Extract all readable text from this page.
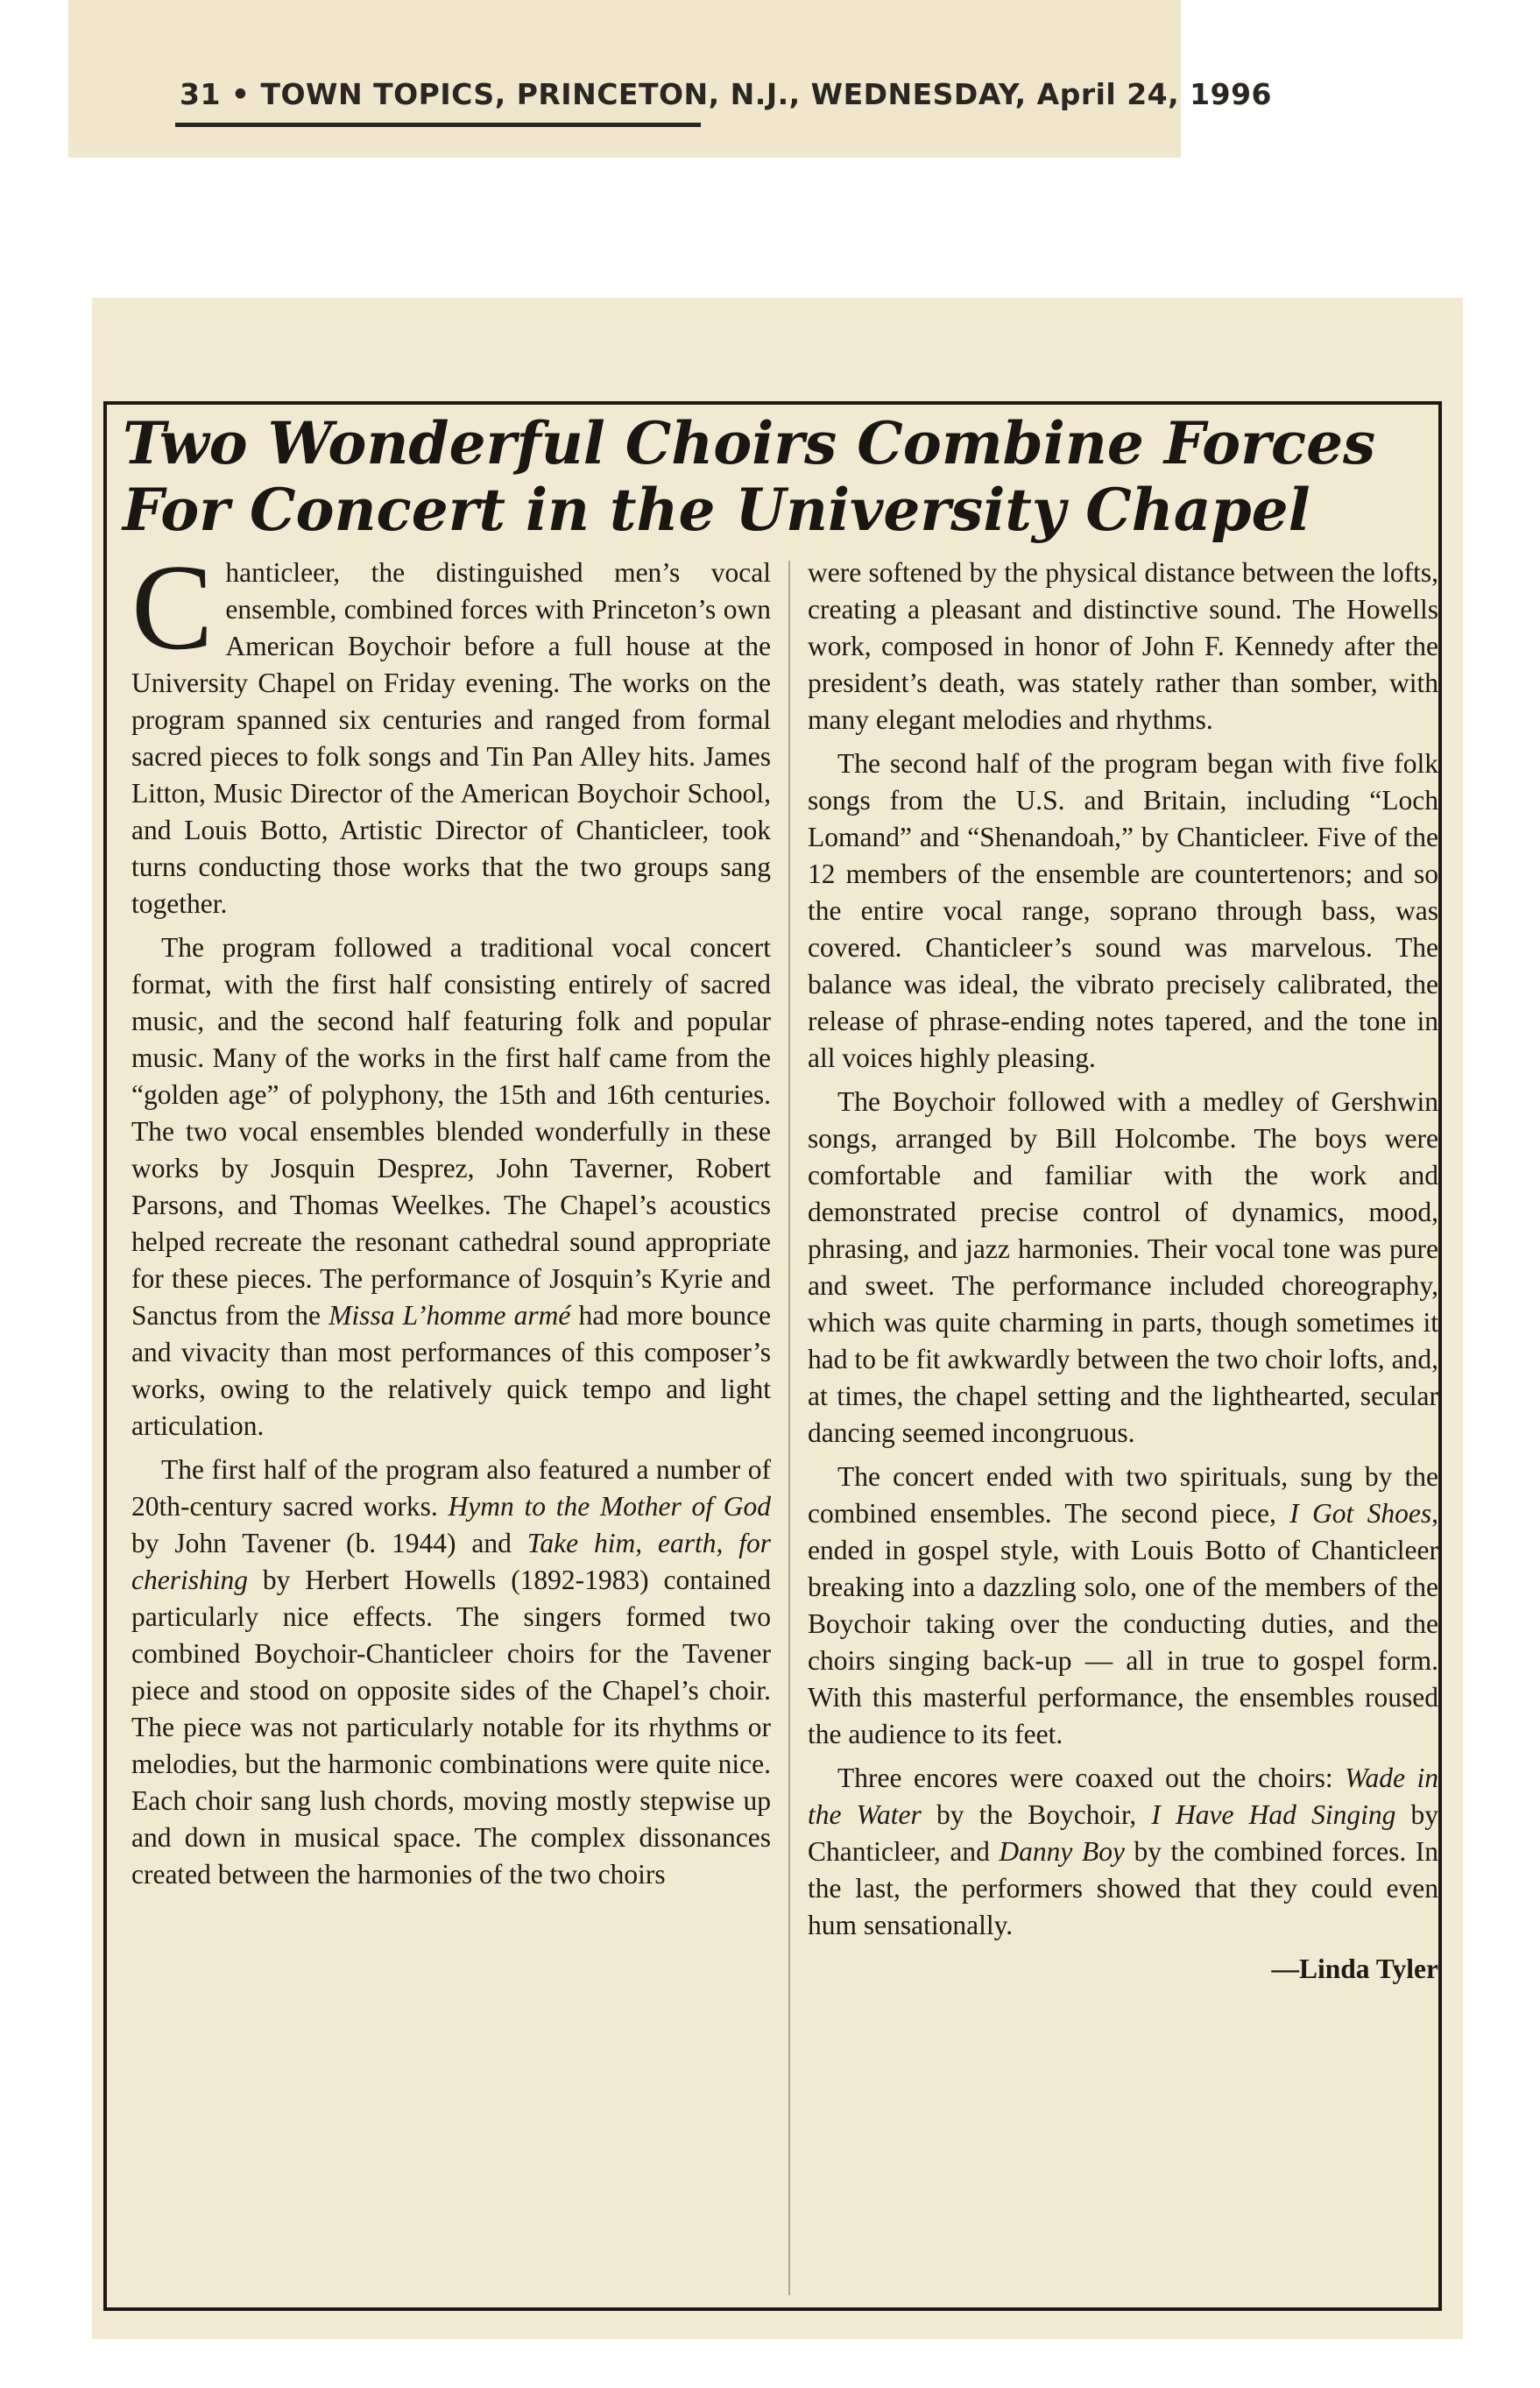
31 • TOWN TOPICS, PRINCETON, N.J., WEDNESDAY, April 24, 1996
Two Wonderful Choirs Combine Forces
For Concert in the University Chapel

Chanticleer, the distinguished men’s vocal ensemble, combined forces with Princeton’s own American Boychoir before a full house at the University Chapel on Friday evening. The works on the program spanned six centuries and ranged from formal sacred pieces to folk songs and Tin Pan Alley hits. James Litton, Music Director of the American Boychoir School, and Louis Botto, Artistic Director of Chanticleer, took turns conducting those works that the two groups sang together.

The program followed a traditional vocal concert format, with the first half consisting entirely of sacred music, and the second half featuring folk and popular music. Many of the works in the first half came from the “golden age” of polyphony, the 15th and 16th centuries. The two vocal ensembles blended wonderfully in these works by Josquin Desprez, John Taverner, Robert Parsons, and Thomas Weelkes. The Chapel’s acoustics helped recreate the resonant cathedral sound appropriate for these pieces. The performance of Josquin’s Kyrie and Sanctus from the Missa L’homme armé had more bounce and vivacity than most performances of this composer’s works, owing to the relatively quick tempo and light articulation.

The first half of the program also featured a number of 20th-century sacred works. Hymn to the Mother of God by John Tavener (b. 1944) and Take him, earth, for cherishing by Herbert Howells (1892-1983) contained particularly nice effects. The singers formed two combined Boychoir-Chanticleer choirs for the Tavener piece and stood on opposite sides of the Chapel’s choir. The piece was not particularly notable for its rhythms or melodies, but the harmonic combinations were quite nice. Each choir sang lush chords, moving mostly stepwise up and down in musical space. The complex dissonances created between the harmonies of the two choirs

were softened by the physical distance between the lofts, creating a pleasant and distinctive sound. The Howells work, composed in honor of John F. Kennedy after the president’s death, was stately rather than somber, with many elegant melodies and rhythms.

The second half of the program began with five folk songs from the U.S. and Britain, including “Loch Lomand” and “Shenandoah,” by Chanticleer. Five of the 12 members of the ensemble are countertenors; and so the entire vocal range, soprano through bass, was covered. Chanticleer’s sound was marvelous. The balance was ideal, the vibrato precisely calibrated, the release of phrase-ending notes tapered, and the tone in all voices highly pleasing.

The Boychoir followed with a medley of Gershwin songs, arranged by Bill Holcombe. The boys were comfortable and familiar with the work and demonstrated precise control of dynamics, mood, phrasing, and jazz harmonies. Their vocal tone was pure and sweet. The performance included choreography, which was quite charming in parts, though sometimes it had to be fit awkwardly between the two choir lofts, and, at times, the chapel setting and the lighthearted, secular dancing seemed incongruous.

The concert ended with two spirituals, sung by the combined ensembles. The second piece, I Got Shoes, ended in gospel style, with Louis Botto of Chanticleer breaking into a dazzling solo, one of the members of the Boychoir taking over the conducting duties, and the choirs singing back-up — all in true to gospel form. With this masterful performance, the ensembles roused the audience to its feet.

Three encores were coaxed out the choirs: Wade in the Water by the Boychoir, I Have Had Singing by Chanticleer, and Danny Boy by the combined forces. In the last, the performers showed that they could even hum sensationally.

—Linda Tyler
